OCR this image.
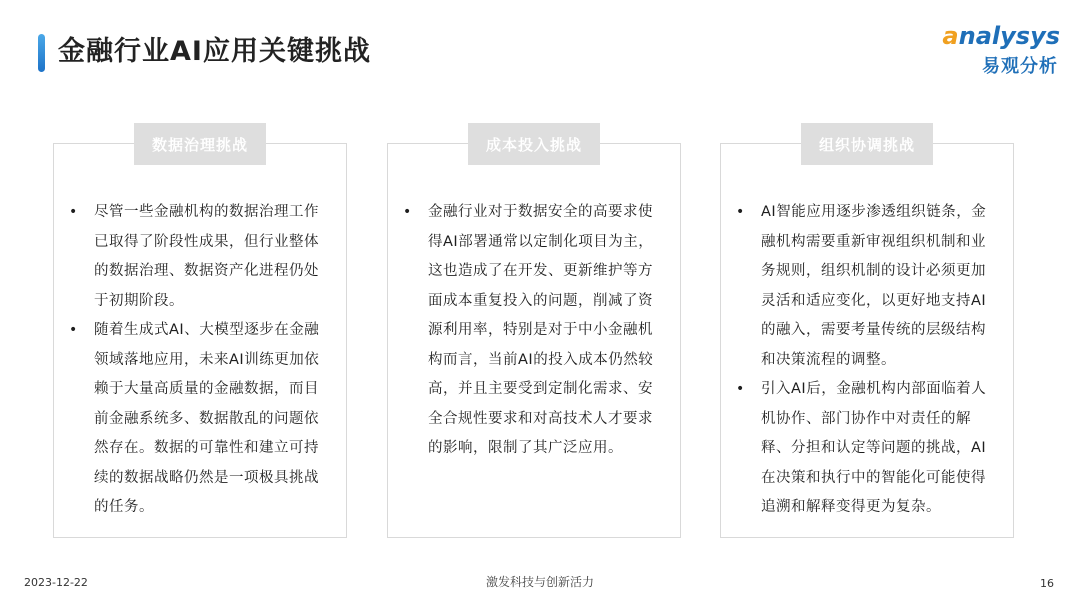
金融行业AI应用关键挑战	analysys
易观分析
• 尽管一些金融机构的数据治理工作已取得了阶段性成果，但行业整体的数据治理、数据资产化进程仍处于初期阶段。
• 随着生成式AI、大模型逐步在金融领域落地应用，未来AI训练更加依赖于大量高质量的金融数据，而目前金融系统多、数据散乱的问题依然存在。数据的可靠性和建立可持续的数据战略仍然是一项极具挑战的任务。
数据治理挑战
• 金融行业对于数据安全的高要求使得AI部署通常以定制化项目为主，这也造成了在开发、更新维护等方面成本重复投入的问题，削减了资源利用率，特别是对于中小金融机构而言，当前AI的投入成本仍然较高，并且主要受到定制化需求、安全合规性要求和对高技术人才要求的影响，限制了其广泛应用。
成本投入挑战
• AI智能应用逐步渗透组织链条，金融机构需要重新审视组织机制和业务规则，组织机制的设计必须更加灵活和适应变化，以更好地支持AI的融入，需要考量传统的层级结构和决策流程的调整。
• 引入AI后，金融机构内部面临着人机协作、部门协作中对责任的解释、分担和认定等问题的挑战，AI在决策和执行中的智能化可能使得追溯和解释变得更为复杂。
组织协调挑战
2023-12-22	激发科技与创新活力	16
